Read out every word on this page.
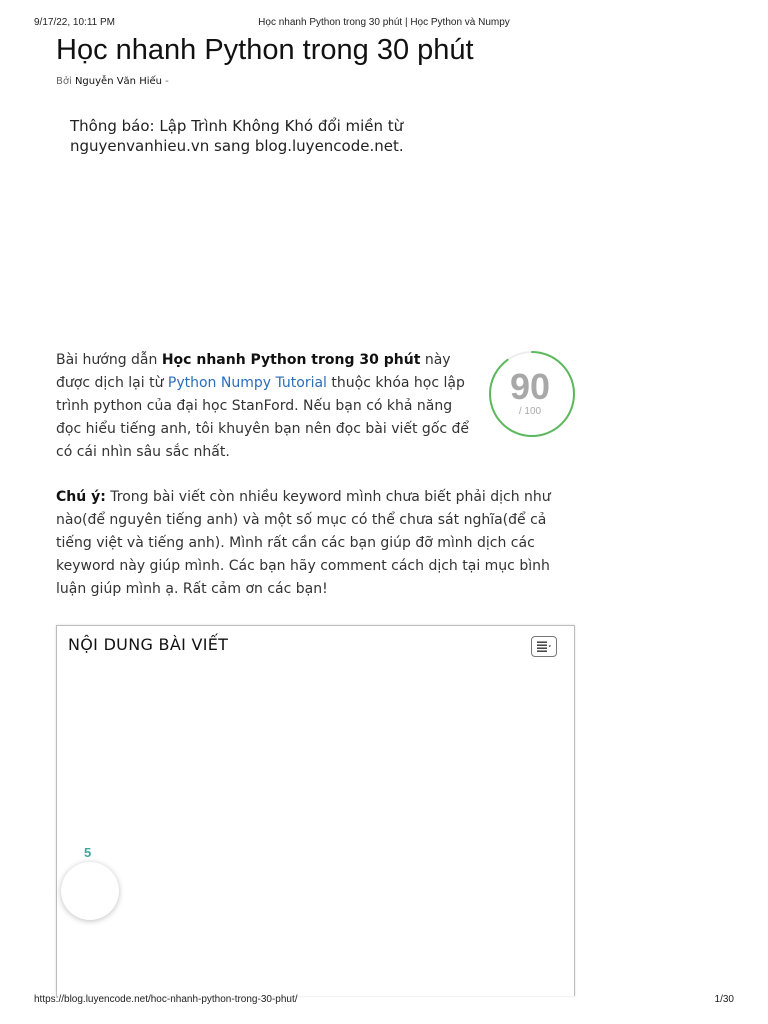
9/17/22, 10:11 PM	Học nhanh Python trong 30 phút | Học Python và Numpy
Học nhanh Python trong 30 phút
Bởi Nguyễn Văn Hiếu -
Thông báo: Lập Trình Không Khó đổi miền từ nguyenvanhieu.vn sang blog.luyencode.net.

Bài hướng dẫn Học nhanh Python trong 30 phút này được dịch lại từ Python Numpy Tutorial thuộc khóa học lập trình python của đại học StanFord. Nếu bạn có khả năng đọc hiểu tiếng anh, tôi khuyên bạn nên đọc bài viết gốc để có cái nhìn sâu sắc nhất.

90
/ 100

Chú ý: Trong bài viết còn nhiều keyword mình chưa biết phải dịch như nào(để nguyên tiếng anh) và một số mục có thể chưa sát nghĩa(để cả tiếng việt và tiếng anh). Mình rất cần các bạn giúp đỡ mình dịch các keyword này giúp mình. Các bạn hãy comment cách dịch tại mục bình luận giúp mình ạ. Rất cảm ơn các bạn!

NỘI DUNG BÀI VIẾT
5
https://blog.luyencode.net/hoc-nhanh-python-trong-30-phut/	1/30
